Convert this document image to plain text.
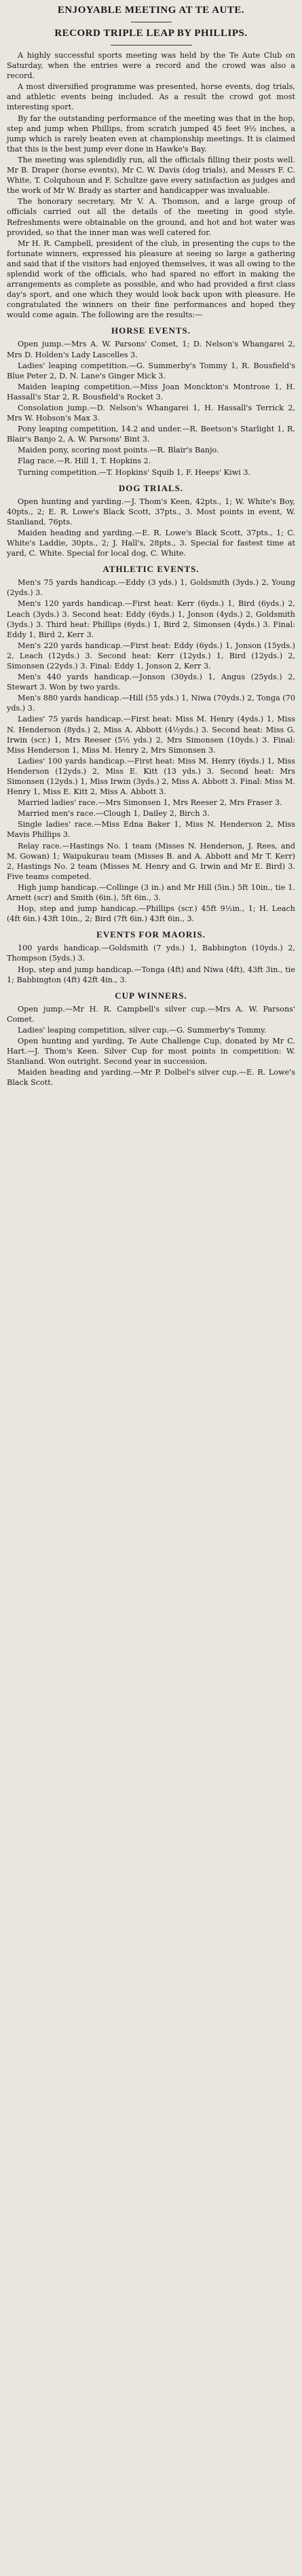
ENJOYABLE MEETING AT TE AUTE.
RECORD TRIPLE LEAP BY PHILLIPS.

A highly successful sports meeting was held by the Te Aute Club on Saturday, when the entries were a record and the crowd was also a record.

A most diversified programme was presented, horse events, dog trials, and athletic events being included. As a result the crowd got most interesting sport.

By far the outstanding performance of the meeting was that in the hop, step and jump when Phillips, from scratch jumped 45 feet 9½ inches, a jump which is rarely beaten even at championship meetings. It is claimed that this is the best jump ever done in Hawke's Bay.

The meeting was splendidly run, all the officials filling their posts well. Mr B. Draper (horse events), Mr C. W. Davis (dog trials), and Messrs F. C. White, T. Colquhoun and F. Schultze gave every satisfaction as judges and the work of Mr W. Brady as starter and handicapper was invaluable.

The honorary secretary, Mr V. A. Thomson, and a large group of officials carried out all the details of the meeting in good style. Refreshments were obtainable on the ground, and hot and hot water was provided, so that the inner man was well catered for.

Mr H. R. Campbell, president of the club, in presenting the cups to the fortunate winners, expressed his pleasure at seeing so large a gathering and said that if the visitors had enjoyed themselves, it was all owing to the splendid work of the officials, who had spared no effort in making the arrangements as complete as possible, and who had provided a first class day's sport, and one which they would look back upon with pleasure. He congratulated the winners on their fine performances and hoped they would come again. The following are the results:—

HORSE EVENTS.

Open jump.—Mrs A. W. Parsons' Comet, 1; D. Nelson's Whangarei 2, Mrs D. Holden's Lady Lascelles 3.

Ladies' leaping competition.—G. Summerby's Tommy 1, R. Bousfield's Blue Peter 2, D. N. Lane's Ginger Mick 3.

Maiden leaping competition.—Miss Joan Monckton's Montrose 1, H. Hassall's Star 2, R. Bousfield's Rocket 3.

Consolation jump.—D. Nelson's Whangarei 1, H. Hassall's Terrick 2, Mrs W. Hobson's Max 3.

Pony leaping competition, 14.2 and under.—R. Beetson's Starlight 1, R. Blair's Banjo 2, A. W. Parsons' Bint 3.

Maiden pony, scoring most points.—R. Blair's Banjo.

Flag race.—R. Hill 1, T. Hopkins 2.

Turning competition.—T. Hopkins' Squib 1, F. Heeps' Kiwi 3.

DOG TRIALS.

Open hunting and yarding.—J. Thom's Keen, 42pts., 1; W. White's Boy, 40pts., 2; E. R. Lowe's Black Scott, 37pts., 3. Most points in event, W. Stanliand, 76pts.

Maiden heading and yarding.—E. R. Lowe's Black Scott, 37pts., 1; C. White's Laddie, 30pts., 2; J. Hall's, 28pts., 3. Special for fastest time at yard, C. White. Special for local dog, C. White.

ATHLETIC EVENTS.

Men's 75 yards handicap.—Eddy (3 yds.) 1, Goldsmith (3yds.) 2, Young (2yds.) 3.

Men's 120 yards handicap.—First heat: Kerr (6yds.) 1, Bird (6yds.) 2, Leach (3yds.) 3. Second heat: Eddy (6yds.) 1, Jonson (4yds.) 2, Goldsmith (3yds.) 3. Third heat: Phillips (6yds.) 1, Bird 2, Simonsen (4yds.) 3. Final: Eddy 1, Bird 2, Kerr 3.

Men's 220 yards handicap.—First heat: Eddy (6yds.) 1, Jonson (15yds.) 2, Leach (12yds.) 3. Second heat: Kerr (12yds.) 1, Bird (12yds.) 2, Simonsen (22yds.) 3. Final: Eddy 1, Jonson 2, Kerr 3.

Men's 440 yards handicap.—Jonson (30yds.) 1, Angus (25yds.) 2, Stewart 3. Won by two yards.

Men's 880 yards handicap.—Hill (55 yds.) 1, Niwa (70yds.) 2, Tonga (70 yds.) 3.

Ladies' 75 yards handicap.—First heat: Miss M. Henry (4yds.) 1, Miss N. Henderson (8yds.) 2, Miss A. Abbott (4½yds.) 3. Second heat: Miss G. Irwin (scr.) 1, Mrs Reeser (5½ yds.) 2, Mrs Simonsen (10yds.) 3. Final: Miss Henderson 1, Miss M. Henry 2, Mrs Simonsen 3.

Ladies' 100 yards handicap.—First heat: Miss M. Henry (6yds.) 1, Miss Henderson (12yds.) 2, Miss E. Kitt (13 yds.) 3. Second heat: Mrs Simonsen (12yds.) 1, Miss Irwin (3yds.) 2, Miss A. Abbott 3. Final: Miss M. Henry 1, Miss E. Kitt 2, Miss A. Abbott 3.

Married ladies' race.—Mrs Simonsen 1, Mrs Reeser 2, Mrs Fraser 3.

Married men's race.—Clough 1, Dailey 2, Birch 3.

Single ladies' race.—Miss Edna Baker 1, Miss N. Henderson 2, Miss Mavis Phillips 3.

Relay race.—Hastings No. 1 team (Misses N. Henderson, J. Rees, and M. Gowan) 1; Waipukurau team (Misses B. and A. Abbott and Mr T. Kerr) 2, Hastings No. 2 team (Misses M. Henry and G. Irwin and Mr E. Bird) 3. Five teams competed.

High jump handicap.—Collinge (3 in.) and Mr Hill (5in.) 5ft 10in., tie 1. Arnett (scr) and Smith (6in.), 5ft 6in., 3.

Hop, step and jump handicap.—Phillips (scr.) 45ft 9½in., 1; H. Leach (4ft 6in.) 43ft 10in., 2; Bird (7ft 6in.) 43ft 6in., 3.

EVENTS FOR MAORIS.

100 yards handicap.—Goldsmith (7 yds.) 1, Babbington (10yds.) 2, Thompson (5yds.) 3.

Hop, step and jump handicap.—Tonga (4ft) and Niwa (4ft), 43ft 3in., tie 1; Babbington (4ft) 42ft 4in., 3.

CUP WINNERS.

Open jump.—Mr H. R. Campbell's silver cup.—Mrs A. W. Parsons' Comet.

Ladies' leaping competition, silver cup.—G. Summerby's Tommy.

Open hunting and yarding, Te Aute Challenge Cup, donated by Mr C. Hart.—J. Thom's Keen. Silver Cup for most points in competition: W. Stanliand. Won outright. Second year in succession.

Maiden heading and yarding.—Mr P. Dolbel's silver cup.—E. R. Lowe's Black Scott.
